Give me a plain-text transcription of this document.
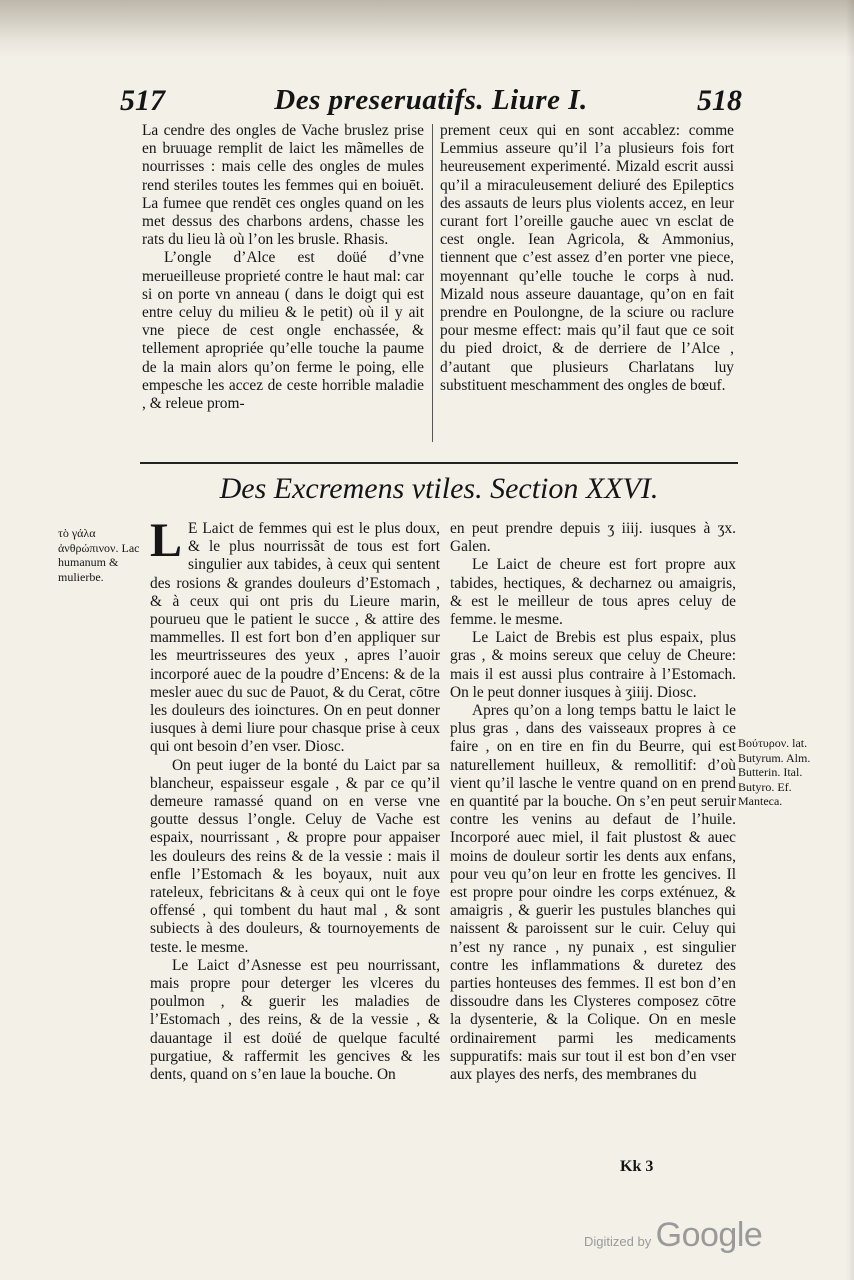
517	Des preseruatifs. Liure I.	518

La cendre des ongles de Vache bruslez prise en bruuage remplit de laict les mãmelles de nourrisses : mais celle des ongles de mules rend steriles toutes les femmes qui en boiuēt. La fumee que rendēt ces ongles quand on les met dessus des charbons ardens, chasse les rats du lieu là où l’on les brusle. Rhasis.

L’ongle d’Alce est doüé d’vne merueilleuse proprieté contre le haut mal: car si on porte vn anneau ( dans le doigt qui est entre celuy du milieu & le petit) où il y ait vne piece de cest ongle enchassée, & tellement apropriée qu’elle touche la paume de la main alors qu’on ferme le poing, elle empesche les accez de ceste horrible maladie , & releue prom-

prement ceux qui en sont accablez: comme Lemmius asseure qu’il l’a plusieurs fois fort heureusement experimenté. Mizald escrit aussi qu’il a miraculeusement deliuré des Epileptics des assauts de leurs plus violents accez, en leur curant fort l’oreille gauche auec vn esclat de cest ongle. Iean Agricola, & Ammonius, tiennent que c’est assez d’en porter vne piece, moyennant qu’elle touche le corps à nud. Mizald nous asseure dauantage, qu’on en fait prendre en Poulongne, de la sciure ou raclure pour mesme effect: mais qu’il faut que ce soit du pied droict, & de derriere de l’Alce , d’autant que plusieurs Charlatans luy substituent meschamment des ongles de bœuf.

Des Excremens vtiles. Section XXVI.
τὸ γάλα ἀνθρώπινον. Lac humanum & mulierbe.

L E Laict de femmes qui est le plus doux, & le plus nourrissãt de tous est fort singulier aux tabides, à ceux qui sentent des rosions & grandes douleurs d’Estomach , & à ceux qui ont pris du Lieure marin, pourueu que le patient le succe , & attire des mammelles. Il est fort bon d’en appliquer sur les meurtrisseures des yeux , apres l’auoir incorporé auec de la poudre d’Encens: & de la mesler auec du suc de Pauot, & du Cerat, cōtre les douleurs des ioinctures. On en peut donner iusques à demi liure pour chasque prise à ceux qui ont besoin d’en vser. Diosc.

On peut iuger de la bonté du Laict par sa blancheur, espaisseur esgale , & par ce qu’il demeure ramassé quand on en verse vne goutte dessus l’ongle. Celuy de Vache est espaix, nourrissant , & propre pour appaiser les douleurs des reins & de la vessie : mais il enfle l’Estomach & les boyaux, nuit aux rateleux, febricitans & à ceux qui ont le foye offensé , qui tombent du haut mal , & sont subiects à des douleurs, & tournoyements de teste. le mesme.

Le Laict d’Asnesse est peu nourrissant, mais propre pour deterger les vlceres du poulmon , & guerir les maladies de l’Estomach , des reins, & de la vessie , & dauantage il est doüé de quelque faculté purgatiue, & raffermit les gencives & les dents, quand on s’en laue la bouche. On

en peut prendre depuis ʒ iiij. iusques à ʒx. Galen.

Le Laict de cheure est fort propre aux tabides, hectiques, & decharnez ou amaigris, & est le meilleur de tous apres celuy de femme. le mesme.

Le Laict de Brebis est plus espaix, plus gras , & moins sereux que celuy de Cheure: mais il est aussi plus contraire à l’Estomach. On le peut donner iusques à ʒiiij. Diosc.

Apres qu’on a long temps battu le laict le plus gras , dans des vaisseaux propres à ce faire , on en tire en fin du Beurre, qui est naturellement huilleux, & remollitif: d’où vient qu’il lasche le ventre quand on en prend en quantité par la bouche. On s’en peut seruir contre les venins au defaut de l’huile. Incorporé auec miel, il fait plustost & auec moins de douleur sortir les dents aux enfans, pour veu qu’on leur en frotte les gencives. Il est propre pour oindre les corps exténuez, & amaigris , & guerir les pustules blanches qui naissent & paroissent sur le cuir. Celuy qui n’est ny rance , ny punaix , est singulier contre les inflammations & duretez des parties honteuses des femmes. Il est bon d’en dissoudre dans les Clysteres composez cōtre la dysenterie, & la Colique. On en mesle ordinairement parmi les medicaments suppuratifs: mais sur tout il est bon d’en vser aux playes des nerfs, des membranes du

Βούτυρον. lat. Butyrum. Alm. Butterin. Ital. Butyro. Ef. Manteca.
Kk 3
Digitized by Google
